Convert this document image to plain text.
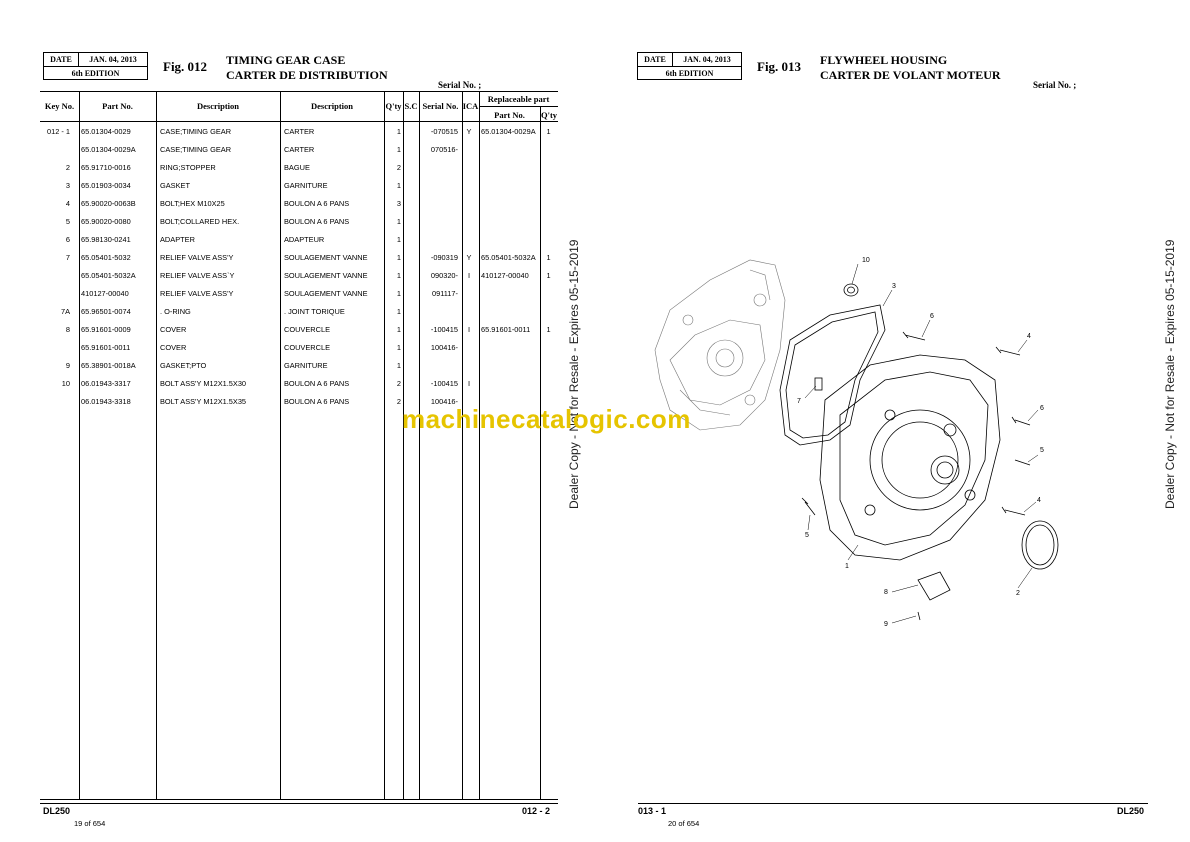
DATE	JAN. 04, 2013
6th EDITION	Fig. 012 TIMING GEAR CASE
CARTER DE DISTRIBUTION
Serial No. ;
Key No.	Part No.	Description	Description	Q'ty S.C Serial No. ICA
Replaceable part
Part No.	Q'ty
012 - 1 65.01304-0029	CASE;TIMING GEAR	CARTER	1	-070515	Y	65.01304-0029A	1
65.01304-0029A	CASE;TIMING GEAR	CARTER	1	070516-
2 65.91710-0016	RING;STOPPER	BAGUE	2
3 65.01903-0034	GASKET	GARNITURE	1
4 65.90020-0063B	BOLT;HEX M10X25	BOULON A 6 PANS	3
5 65.90020-0080	BOLT;COLLARED HEX.	BOULON A 6 PANS	1
6 65.98130-0241	ADAPTER	ADAPTEUR	1
7 65.05401-5032	RELIEF VALVE ASS'Y	SOULAGEMENT VANNE	1	-090319	Y	65.05401-5032A	1
65.05401-5032A	RELIEF VALVE ASS`Y	SOULAGEMENT VANNE	1	090320-	I	410127-00040	1
410127-00040	RELIEF VALVE ASS'Y	SOULAGEMENT VANNE	1	091117-
7A 65.96501-0074	. O-RING	. JOINT TORIQUE	1
8 65.91601-0009	COVER	COUVERCLE	1	-100415	I	65.91601-0011	1
65.91601-0011	COVER	COUVERCLE	1	100416-
9 65.38901-0018A	GASKET;PTO	GARNITURE	1
10 06.01943-3317	BOLT ASS'Y M12X1.5X30	BOULON A 6 PANS	2	-100415	I
06.01943-3318	BOLT ASS'Y M12X1.5X35	BOULON A 6 PANS	2	100416-
DL250	012 - 2
19 of 654
Dealer Copy - Not for Resale - Expires 05-15-2019
DATE	JAN. 04, 2013
6th EDITION	Fig. 013 FLYWHEEL HOUSING
CARTER DE VOLANT MOTEUR
Serial No. ;
10
3
6
4
7
6
5
4
5
1
2
8
9
013 - 1	DL250
20 of 654
Dealer Copy - Not for Resale - Expires 05-15-2019
machinecatalogic.com
